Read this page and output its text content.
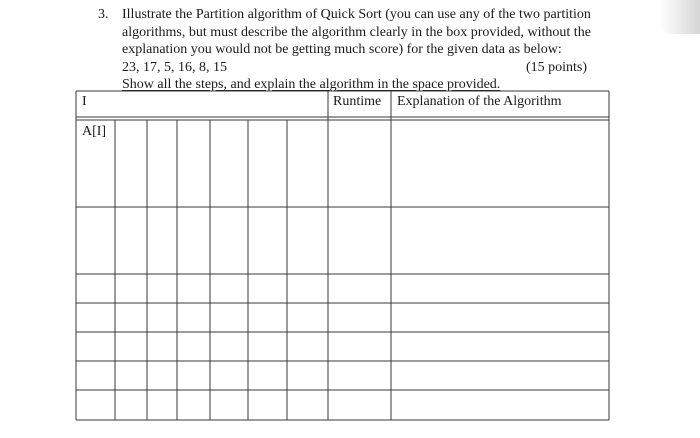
3. Illustrate the Partition algorithm of Quick Sort (you can use any of the two partition
algorithms, but must describe the algorithm clearly in the box provided, without the
explanation you would not be getting much score) for the given data as below:
23, 17, 5, 16, 8, 15	(15 points)
Show all the steps, and explain the algorithm in the space provided.
I	Runtime Explanation of the Algorithm
A[I]
